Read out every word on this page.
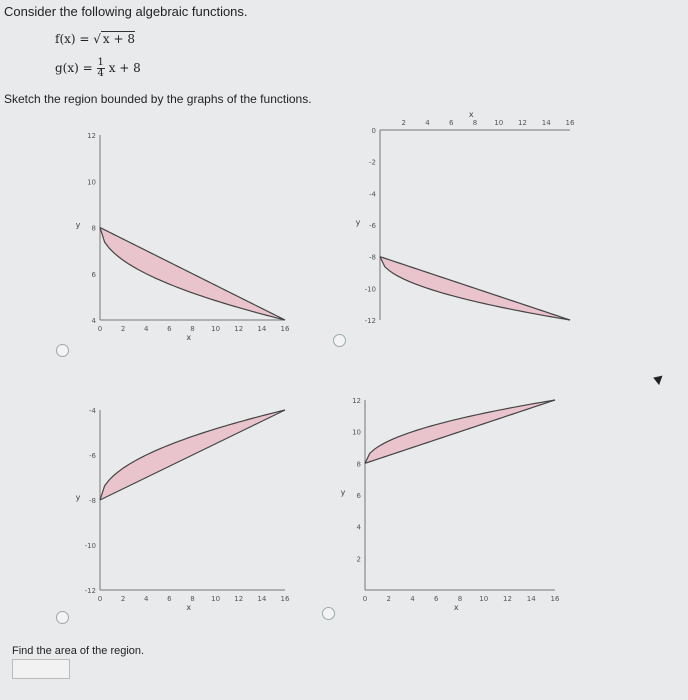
Consider the following algebraic functions.
f(x) = √ x + 8
$g(x) = \frac{1}{4}$ x + 8
Sketch the region bounded by the graphs of the functions.
0	2	4	6	8 10 12 14 16
4
6
8
10
12
x
y
2	4	6	8 10 12 14 16
0
-2
-4
-6
-8
-10
-12
x
y
0	2	4	6	8 10 12 14 16
-4
-6
-8
-10
-12
x
y
0	2	4	6	8 10 12 14 16
2
4
6
8
10
12
x
y
Find the area of the region.
